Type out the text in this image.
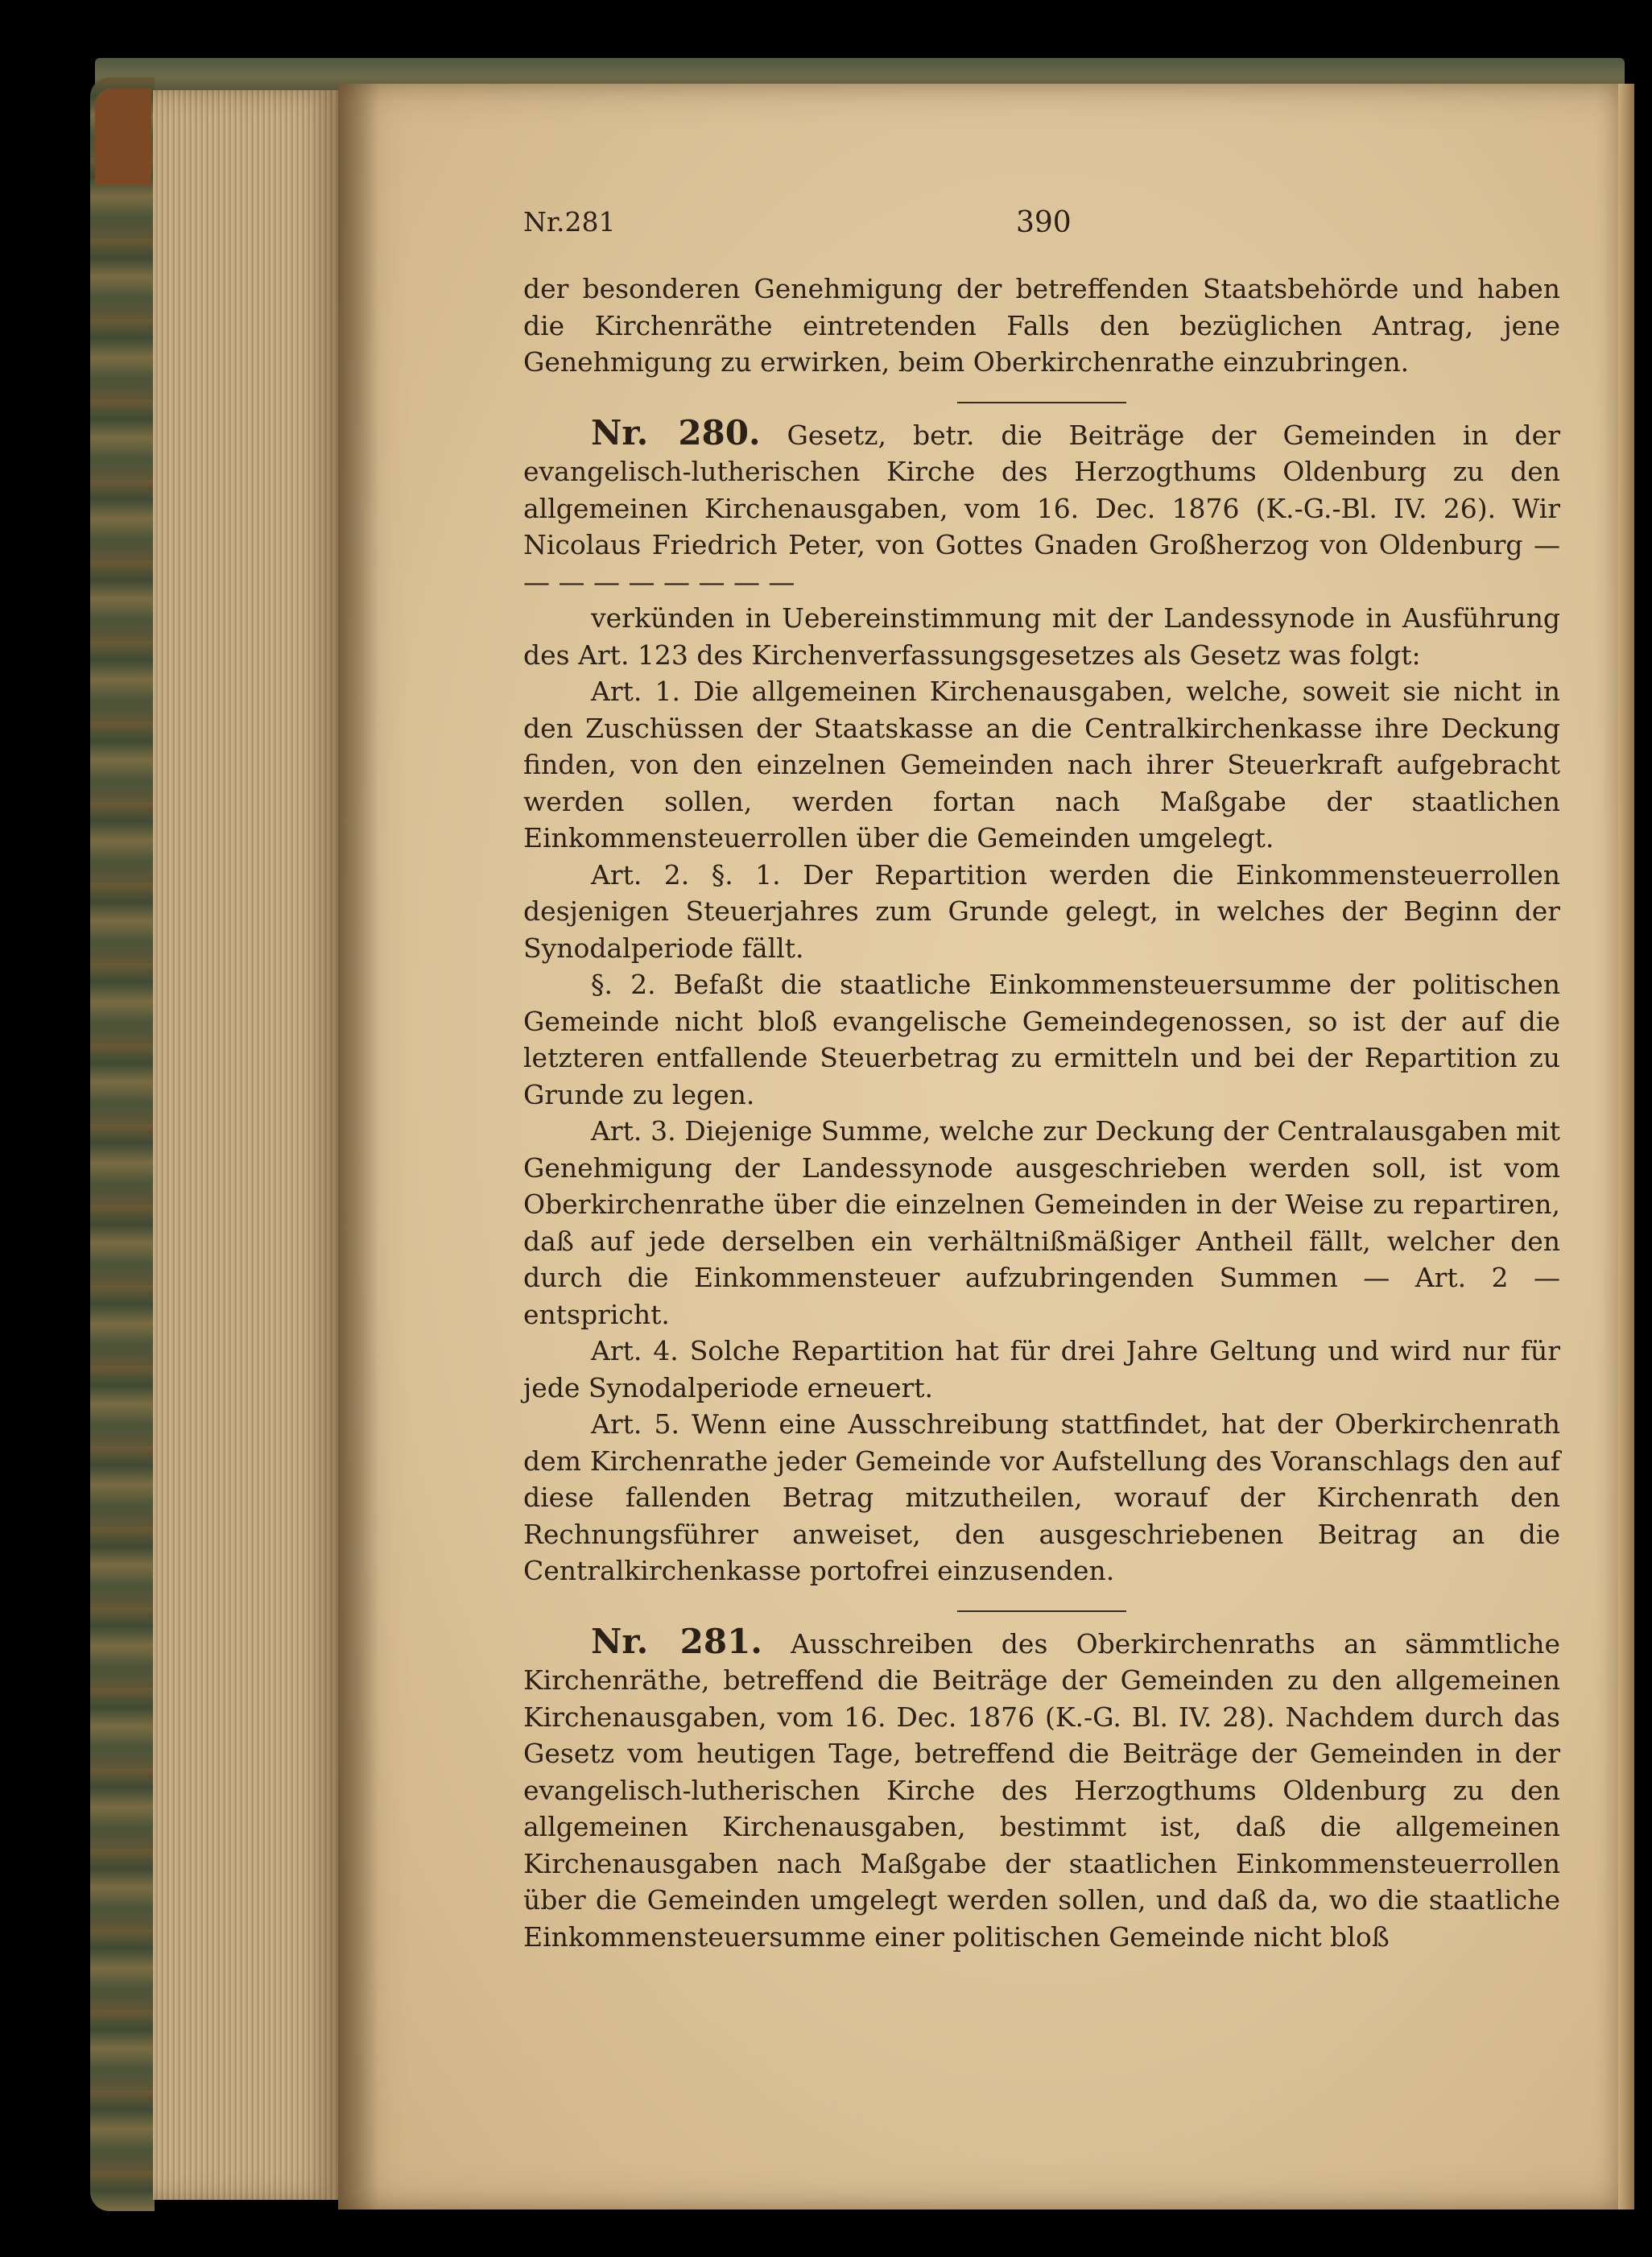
Nr.281	390

der besonderen Genehmigung der betreffenden Staatsbehörde und haben die Kirchenräthe eintretenden Falls den bezüglichen Antrag, jene Genehmigung zu erwirken, beim Oberkirchenrathe einzubringen.

Nr. 280. Gesetz, betr. die Beiträge der Gemeinden in der evangelisch-lutherischen Kirche des Herzogthums Oldenburg zu den allgemeinen Kirchenausgaben, vom 16. Dec. 1876 (K.-G.-Bl. IV. 26). Wir Nicolaus Friedrich Peter, von Gottes Gnaden Großherzog von Oldenburg — — — — — — — — —

verkünden in Uebereinstimmung mit der Landessynode in Ausführung des Art. 123 des Kirchenverfassungsgesetzes als Gesetz was folgt:

Art. 1. Die allgemeinen Kirchenausgaben, welche, soweit sie nicht in den Zuschüssen der Staatskasse an die Centralkirchenkasse ihre Deckung finden, von den einzelnen Gemeinden nach ihrer Steuerkraft aufgebracht werden sollen, werden fortan nach Maßgabe der staatlichen Einkommensteuerrollen über die Gemeinden umgelegt.

Art. 2. §. 1. Der Repartition werden die Einkommensteuerrollen desjenigen Steuerjahres zum Grunde gelegt, in welches der Beginn der Synodalperiode fällt.

§. 2. Befaßt die staatliche Einkommensteuersumme der politischen Gemeinde nicht bloß evangelische Gemeindegenossen, so ist der auf die letzteren entfallende Steuerbetrag zu ermitteln und bei der Repartition zu Grunde zu legen.

Art. 3. Diejenige Summe, welche zur Deckung der Centralausgaben mit Genehmigung der Landessynode ausgeschrieben werden soll, ist vom Oberkirchenrathe über die einzelnen Gemeinden in der Weise zu repartiren, daß auf jede derselben ein verhältnißmäßiger Antheil fällt, welcher den durch die Einkommensteuer aufzubringenden Summen — Art. 2 — entspricht.

Art. 4. Solche Repartition hat für drei Jahre Geltung und wird nur für jede Synodalperiode erneuert.

Art. 5. Wenn eine Ausschreibung stattfindet, hat der Oberkirchenrath dem Kirchenrathe jeder Gemeinde vor Aufstellung des Voranschlags den auf diese fallenden Betrag mitzutheilen, worauf der Kirchenrath den Rechnungsführer anweiset, den ausgeschriebenen Beitrag an die Centralkirchenkasse portofrei einzusenden.

Nr. 281. Ausschreiben des Oberkirchenraths an sämmtliche Kirchenräthe, betreffend die Beiträge der Gemeinden zu den allgemeinen Kirchenausgaben, vom 16. Dec. 1876 (K.-G. Bl. IV. 28). Nachdem durch das Gesetz vom heutigen Tage, betreffend die Beiträge der Gemeinden in der evangelisch-lutherischen Kirche des Herzogthums Oldenburg zu den allgemeinen Kirchenausgaben, bestimmt ist, daß die allgemeinen Kirchenausgaben nach Maßgabe der staatlichen Einkommensteuerrollen über die Gemeinden umgelegt werden sollen, und daß da, wo die staatliche Einkommensteuersumme einer politischen Gemeinde nicht bloß
